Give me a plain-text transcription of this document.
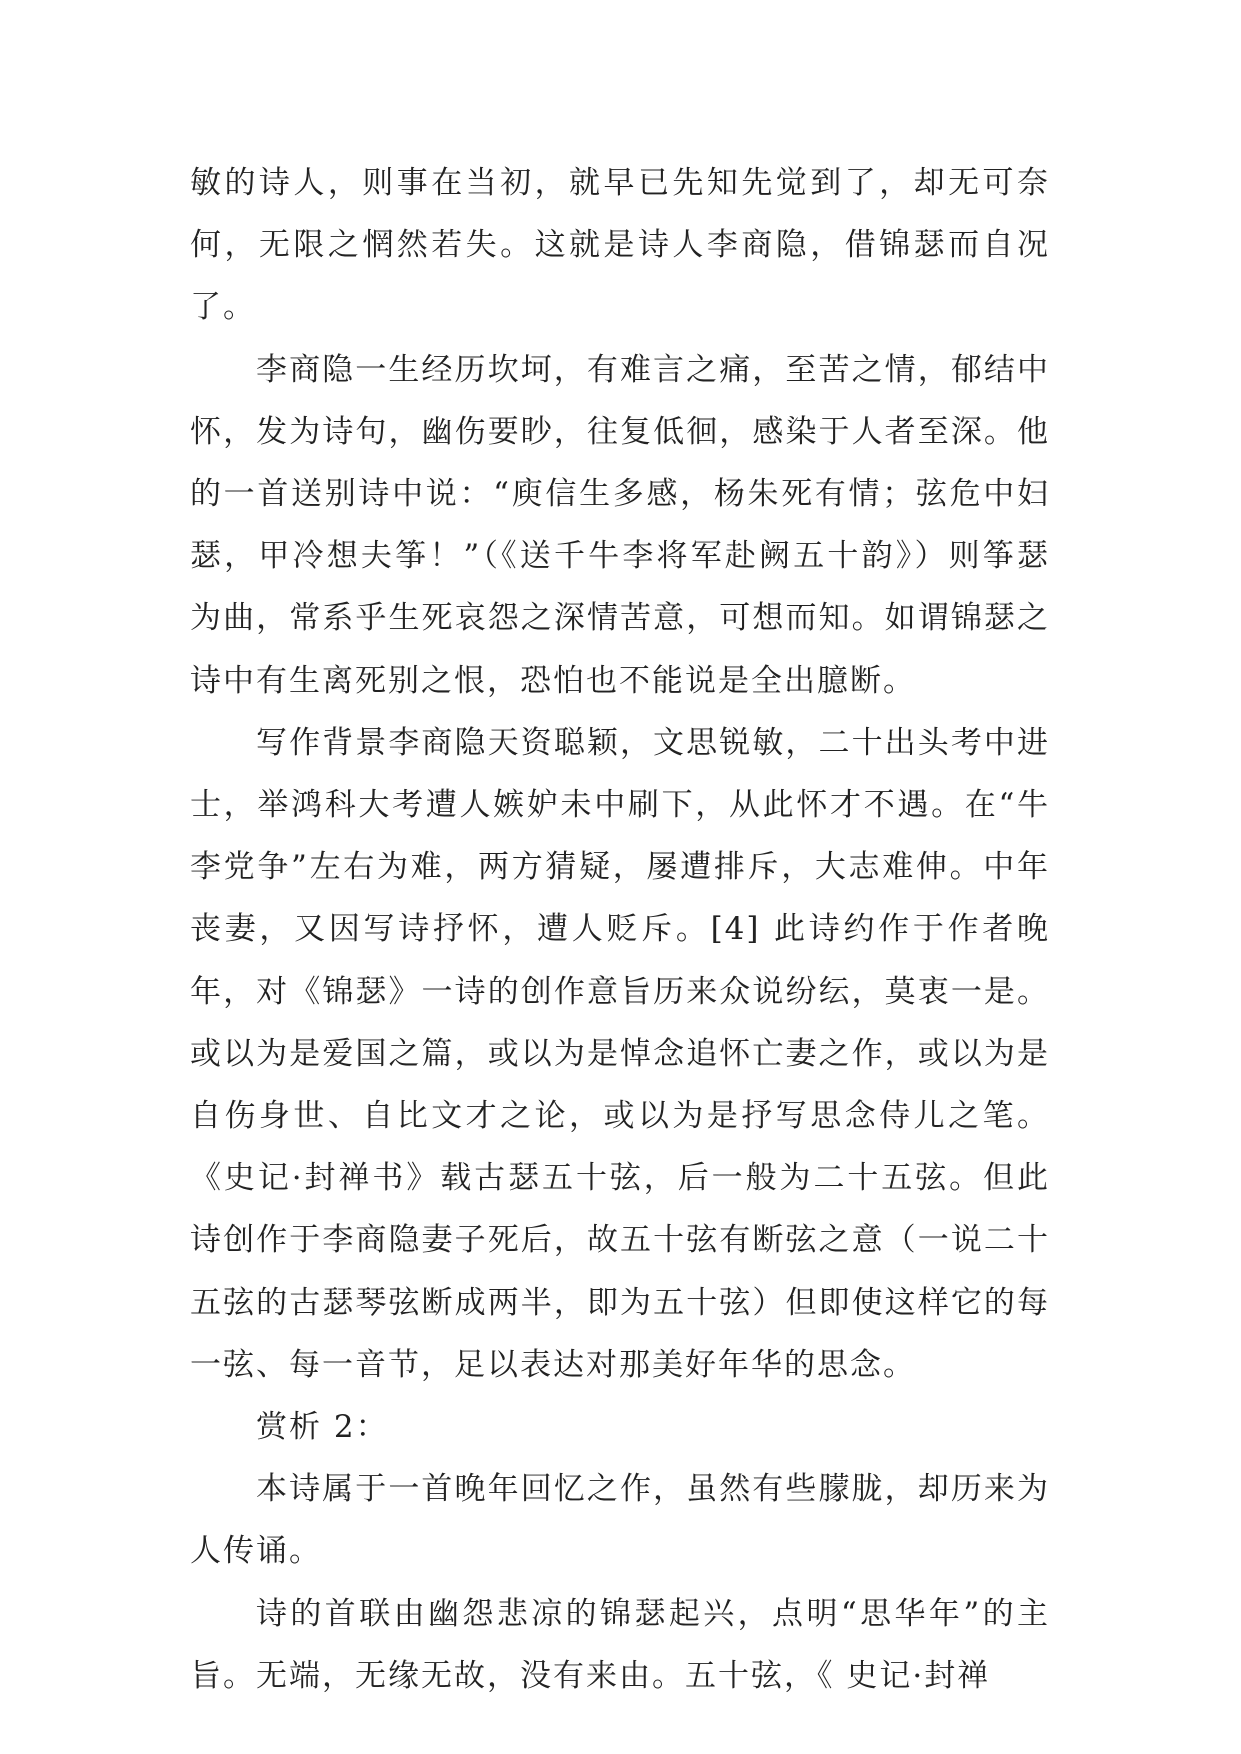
敏的诗人，则事在当初，就早已先知先觉到了，却无可奈何，无限之惘然若失。这就是诗人李商隐，借锦瑟而自况了。

李商隐一生经历坎坷，有难言之痛，至苦之情，郁结中怀，发为诗句，幽伤要眇，往复低徊，感染于人者至深。他的一首送别诗中说：“庾信生多感，杨朱死有情；弦危中妇瑟，甲冷想夫筝！”（《送千牛李将军赴阙五十韵》）则筝瑟为曲，常系乎生死哀怨之深情苦意，可想而知。如谓锦瑟之诗中有生离死别之恨，恐怕也不能说是全出臆断。

写作背景李商隐天资聪颖，文思锐敏，二十出头考中进士，举鸿科大考遭人嫉妒未中刷下，从此怀才不遇。在“牛李党争”左右为难，两方猜疑，屡遭排斥，大志难伸。中年丧妻，又因写诗抒怀，遭人贬斥。[4] 此诗约作于作者晚年，对《锦瑟》一诗的创作意旨历来众说纷纭，莫衷一是。或以为是爱国之篇，或以为是悼念追怀亡妻之作，或以为是自伤身世、自比文才之论，或以为是抒写思念侍儿之笔。 《史记·封禅书》载古瑟五十弦，后一般为二十五弦。但此诗创作于李商隐妻子死后，故五十弦有断弦之意（一说二十五弦的古瑟琴弦断成两半，即为五十弦）但即使这样它的每一弦、每一音节，足以表达对那美好年华的思念。

赏析 2：

本诗属于一首晚年回忆之作，虽然有些朦胧，却历来为人传诵。

诗的首联由幽怨悲凉的锦瑟起兴，点明“思华年”的主旨。无端，无缘无故，没有来由。五十弦，《 史记·封禅
